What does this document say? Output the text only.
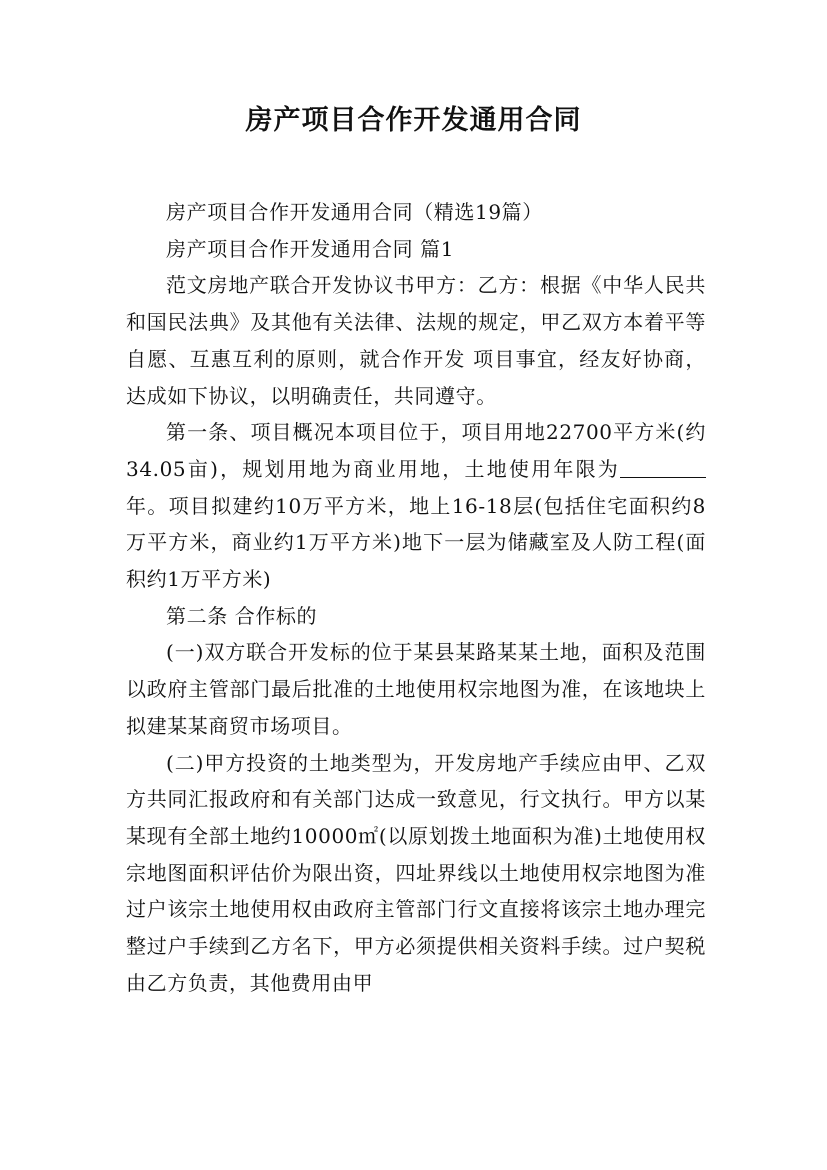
房产项目合作开发通用合同

房产项目合作开发通用合同（精选19篇）

房产项目合作开发通用合同 篇1

范文房地产联合开发协议书甲方：乙方：根据《中华人民共和国民法典》及其他有关法律、法规的规定，甲乙双方本着平等自愿、互惠互利的原则，就合作开发 项目事宜，经友好协商，达成如下协议，以明确责任，共同遵守。

第一条、项目概况本项目位于，项目用地22700平方米(约34.05亩)，规划用地为商业用地，土地使用年限为年。项目拟建约10万平方米，地上16-18层(包括住宅面积约8万平方米，商业约1万平方米)地下一层为储藏室及人防工程(面积约1万平方米)

第二条 合作标的

(一)双方联合开发标的位于某县某路某某土地，面积及范围以政府主管部门最后批准的土地使用权宗地图为准，在该地块上拟建某某商贸市场项目。

(二)甲方投资的土地类型为，开发房地产手续应由甲、乙双方共同汇报政府和有关部门达成一致意见，行文执行。甲方以某某现有全部土地约10000㎡(以原划拨土地面积为准)土地使用权宗地图面积评估价为限出资，四址界线以土地使用权宗地图为准过户该宗土地使用权由政府主管部门行文直接将该宗土地办理完整过户手续到乙方名下，甲方必须提供相关资料手续。过户契税由乙方负责，其他费用由甲
